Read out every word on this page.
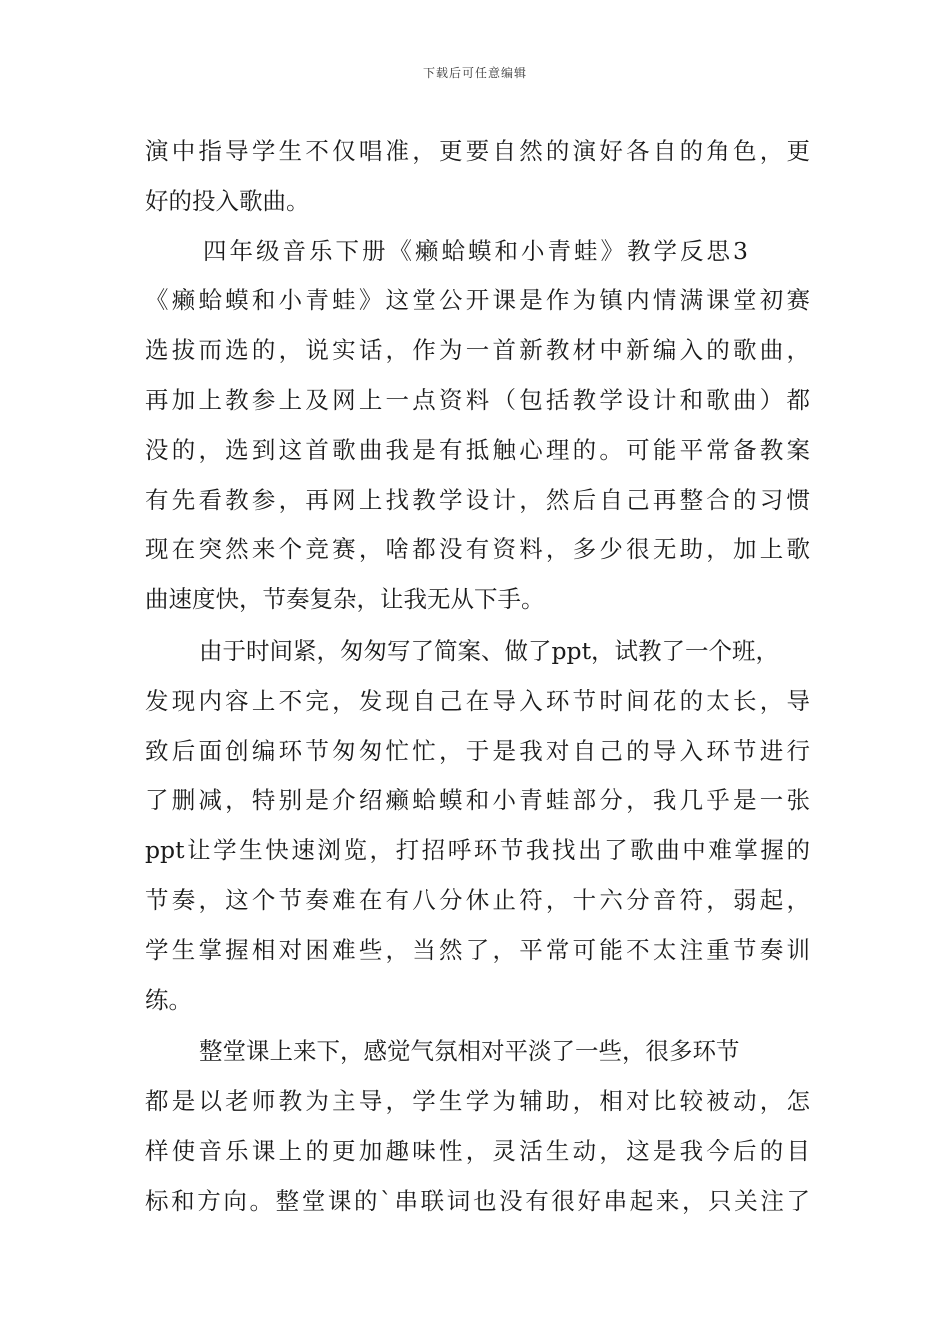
下载后可任意编辑
演中指导学生不仅唱准，更要自然的演好各自的角色，更
好的投入歌曲。
四年级音乐下册《癞蛤蟆和小青蛙》教学反思3
《癞蛤蟆和小青蛙》这堂公开课是作为镇内情满课堂初赛
选拔而选的，说实话，作为一首新教材中新编入的歌曲，
再加上教参上及网上一点资料（包括教学设计和歌曲）都
没的，选到这首歌曲我是有抵触心理的。可能平常备教案
有先看教参，再网上找教学设计，然后自己再整合的习惯
现在突然来个竞赛，啥都没有资料，多少很无助，加上歌
曲速度快，节奏复杂，让我无从下手。
由于时间紧，匆匆写了简案、做了ppt，试教了一个班，
发现内容上不完，发现自己在导入环节时间花的太长，导
致后面创编环节匆匆忙忙，于是我对自己的导入环节进行
了删减，特别是介绍癞蛤蟆和小青蛙部分，我几乎是一张
ppt让学生快速浏览，打招呼环节我找出了歌曲中难掌握的
节奏，这个节奏难在有八分休止符，十六分音符，弱起，
学生掌握相对困难些，当然了，平常可能不太注重节奏训
练。
整堂课上来下，感觉气氛相对平淡了一些，很多环节
都是以老师教为主导，学生学为辅助，相对比较被动，怎
样使音乐课上的更加趣味性，灵活生动，这是我今后的目
标和方向。整堂课的`串联词也没有很好串起来，只关注了
